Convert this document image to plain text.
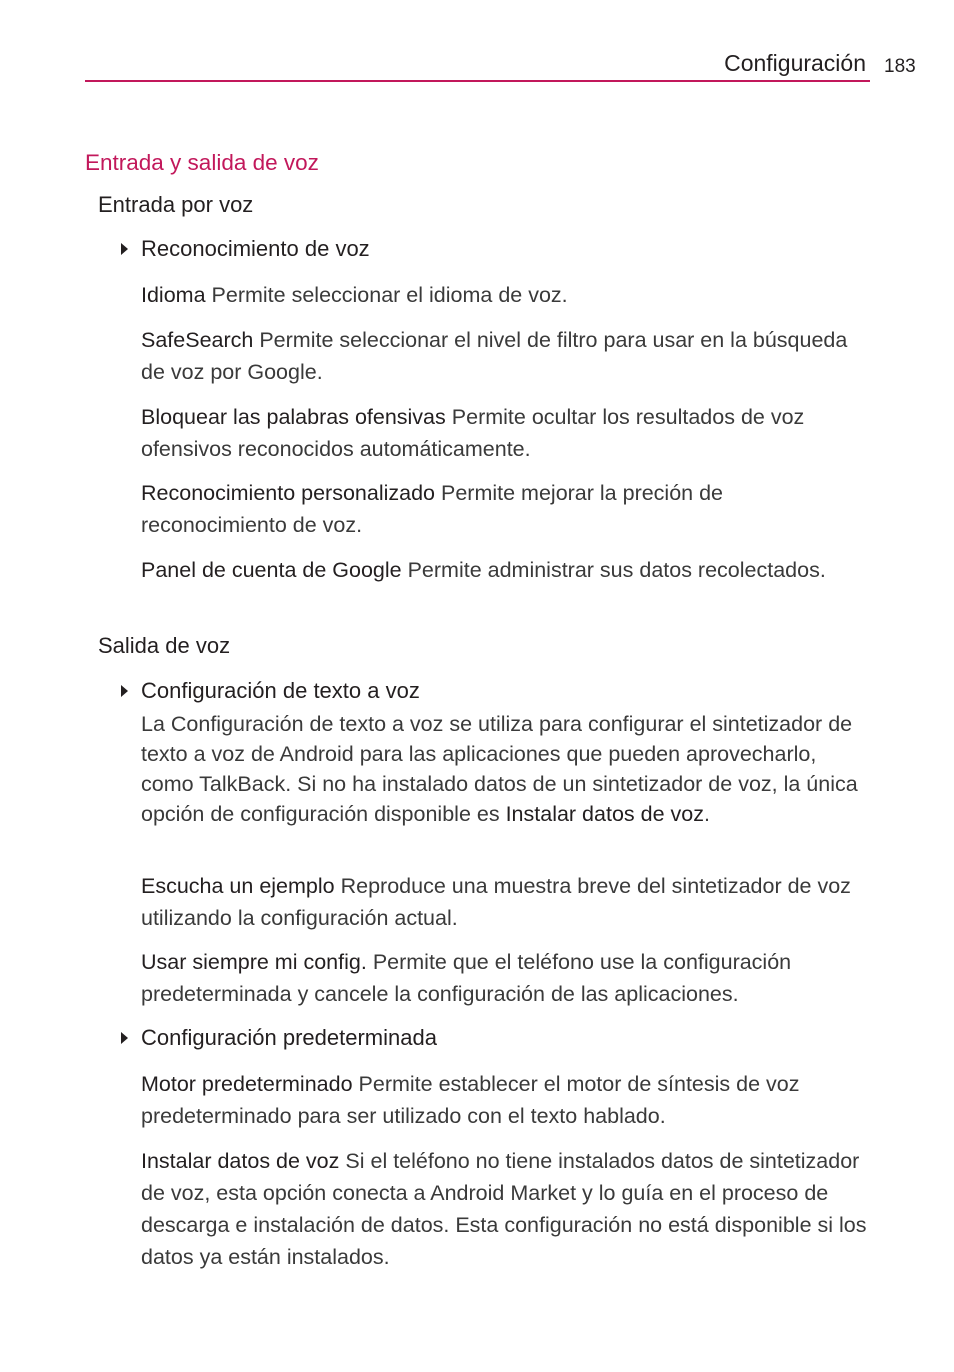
Configuración 183
Entrada y salida de voz
Entrada por voz
Reconocimiento de voz
Idioma Permite seleccionar el idioma de voz.
SafeSearch Permite seleccionar el nivel de filtro para usar en la búsqueda de voz por Google.
Bloquear las palabras ofensivas Permite ocultar los resultados de voz ofensivos reconocidos automáticamente.
Reconocimiento personalizado Permite mejorar la preción de reconocimiento de voz.
Panel de cuenta de Google Permite administrar sus datos recolectados.
Salida de voz
Configuración de texto a voz
La Configuración de texto a voz se utiliza para configurar el sintetizador de texto a voz de Android para las aplicaciones que pueden aprovecharlo, como TalkBack. Si no ha instalado datos de un sintetizador de voz, la única opción de configuración disponible es Instalar datos de voz.
Escucha un ejemplo Reproduce una muestra breve del sintetizador de voz utilizando la configuración actual.
Usar siempre mi config. Permite que el teléfono use la configuración predeterminada y cancele la configuración de las aplicaciones.
Configuración predeterminada
Motor predeterminado Permite establecer el motor de síntesis de voz predeterminado para ser utilizado con el texto hablado.
Instalar datos de voz Si el teléfono no tiene instalados datos de sintetizador de voz, esta opción conecta a Android Market y lo guía en el proceso de descarga e instalación de datos. Esta configuración no está disponible si los datos ya están instalados.
